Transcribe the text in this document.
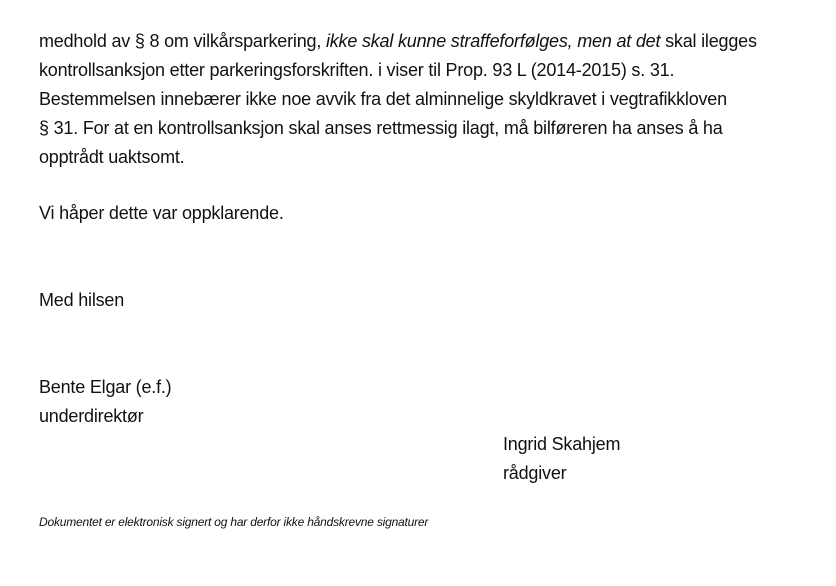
medhold av § 8 om vilkårsparkering, ikke skal kunne straffeforfølges, men at det skal ilegges
kontrollsanksjon etter parkeringsforskriften. i viser til Prop. 93 L (2014-2015) s. 31.
Bestemmelsen innebærer ikke noe avvik fra det alminnelige skyldkravet i vegtrafikkloven
§ 31. For at en kontrollsanksjon skal anses rettmessig ilagt, må bilføreren ha anses å ha
opptrådt uaktsomt.
Vi håper dette var oppklarende.
Med hilsen
Bente Elgar (e.f.)
underdirektør
Ingrid Skahjem
rådgiver
Dokumentet er elektronisk signert og har derfor ikke håndskrevne signaturer
